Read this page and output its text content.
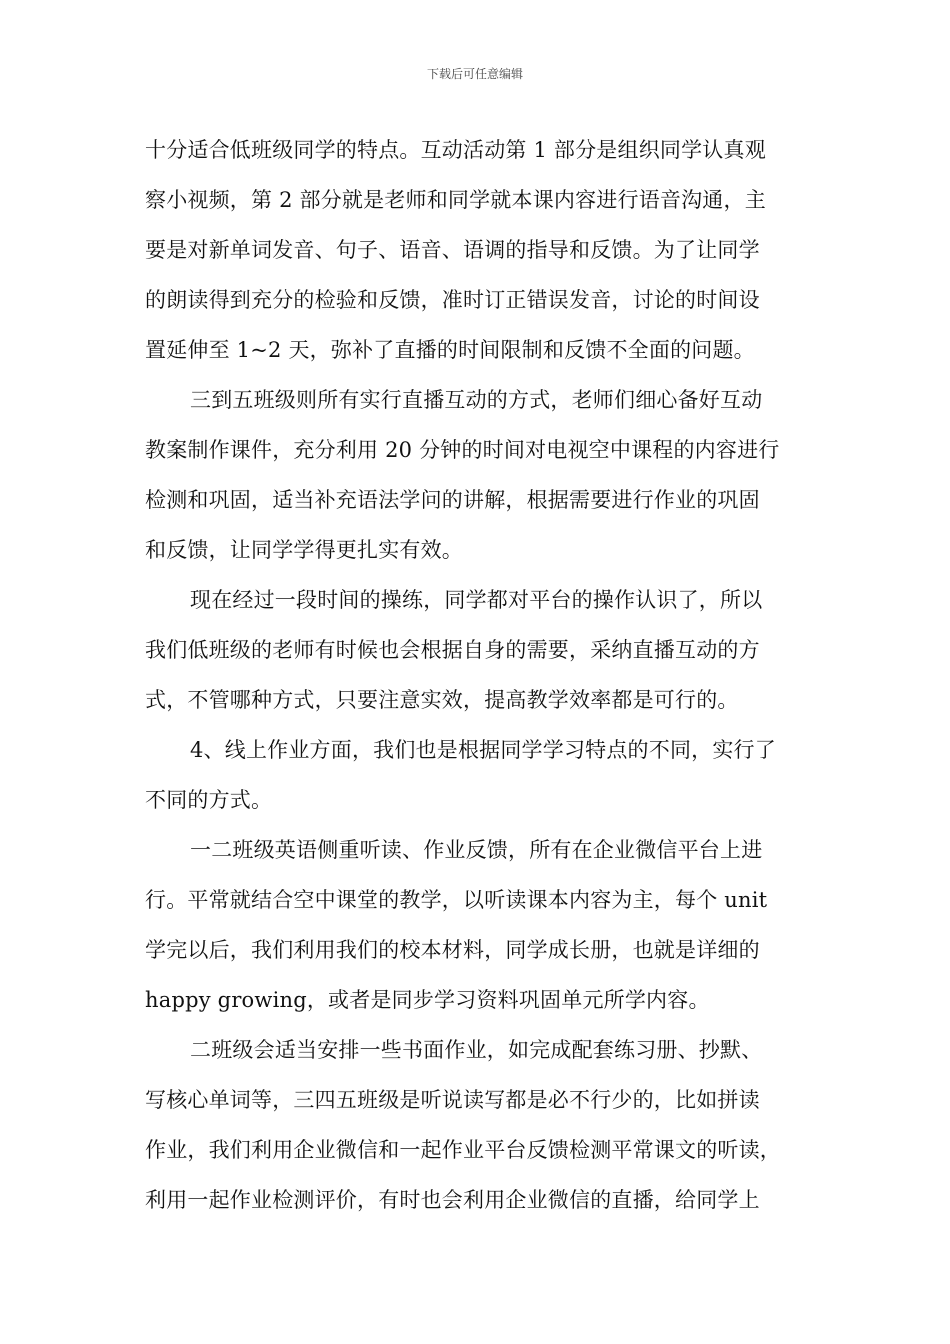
下载后可任意编辑
十分适合低班级同学的特点。互动活动第 1 部分是组织同学认真观
察小视频，第 2 部分就是老师和同学就本课内容进行语音沟通，主
要是对新单词发音、句子、语音、语调的指导和反馈。为了让同学
的朗读得到充分的检验和反馈，准时订正错误发音，讨论的时间设
置延伸至 1~2 天，弥补了直播的时间限制和反馈不全面的问题。
三到五班级则所有实行直播互动的方式，老师们细心备好互动
教案制作课件，充分利用 20 分钟的时间对电视空中课程的内容进行
检测和巩固，适当补充语法学问的讲解，根据需要进行作业的巩固
和反馈，让同学学得更扎实有效。
现在经过一段时间的操练，同学都对平台的操作认识了，所以
我们低班级的老师有时候也会根据自身的需要，采纳直播互动的方
式，不管哪种方式，只要注意实效，提高教学效率都是可行的。
4、线上作业方面，我们也是根据同学学习特点的不同，实行了
不同的方式。
一二班级英语侧重听读、作业反馈，所有在企业微信平台上进
行。平常就结合空中课堂的教学，以听读课本内容为主，每个 unit
学完以后，我们利用我们的校本材料，同学成长册，也就是详细的
happy growing，或者是同步学习资料巩固单元所学内容。
二班级会适当安排一些书面作业，如完成配套练习册、抄默、
写核心单词等，三四五班级是听说读写都是必不行少的，比如拼读
作业，我们利用企业微信和一起作业平台反馈检测平常课文的听读，
利用一起作业检测评价，有时也会利用企业微信的直播，给同学上
